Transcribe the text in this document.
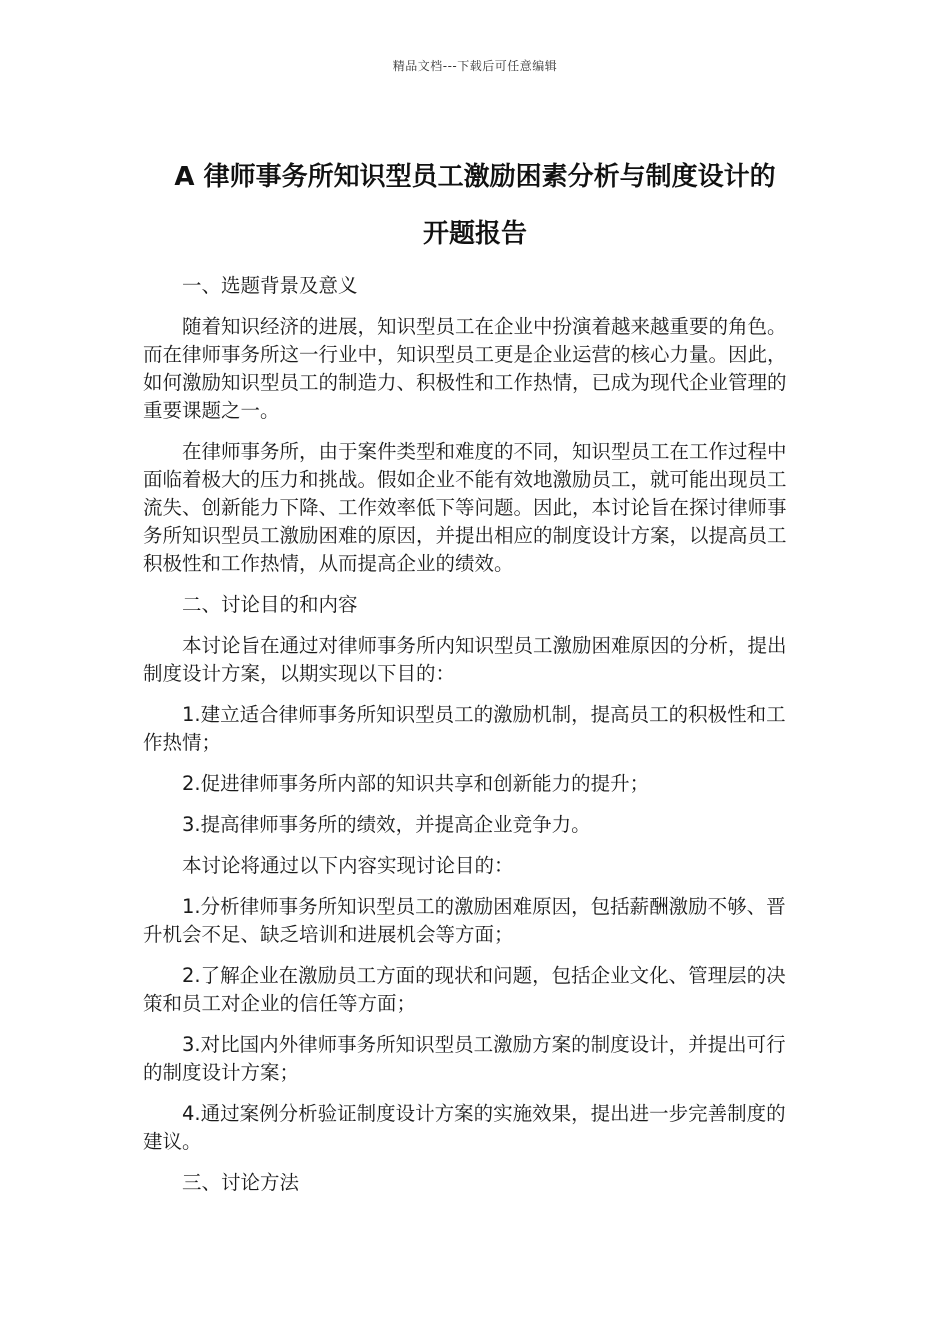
精品文档---下载后可任意编辑
A 律师事务所知识型员工激励困素分析与制度设计的
开题报告

一、选题背景及意义

随着知识经济的进展，知识型员工在企业中扮演着越来越重要的角色。而在律师事务所这一行业中，知识型员工更是企业运营的核心力量。因此，如何激励知识型员工的制造力、积极性和工作热情，已成为现代企业管理的重要课题之一。

在律师事务所，由于案件类型和难度的不同，知识型员工在工作过程中面临着极大的压力和挑战。假如企业不能有效地激励员工，就可能出现员工流失、创新能力下降、工作效率低下等问题。因此，本讨论旨在探讨律师事务所知识型员工激励困难的原因，并提出相应的制度设计方案，以提高员工积极性和工作热情，从而提高企业的绩效。

二、讨论目的和内容

本讨论旨在通过对律师事务所内知识型员工激励困难原因的分析，提出制度设计方案，以期实现以下目的：

1.建立适合律师事务所知识型员工的激励机制，提高员工的积极性和工作热情；

2.促进律师事务所内部的知识共享和创新能力的提升；

3.提高律师事务所的绩效，并提高企业竞争力。

本讨论将通过以下内容实现讨论目的：

1.分析律师事务所知识型员工的激励困难原因，包括薪酬激励不够、晋升机会不足、缺乏培训和进展机会等方面；

2.了解企业在激励员工方面的现状和问题，包括企业文化、管理层的决策和员工对企业的信任等方面；

3.对比国内外律师事务所知识型员工激励方案的制度设计，并提出可行的制度设计方案；

4.通过案例分析验证制度设计方案的实施效果，提出进一步完善制度的建议。

三、讨论方法
